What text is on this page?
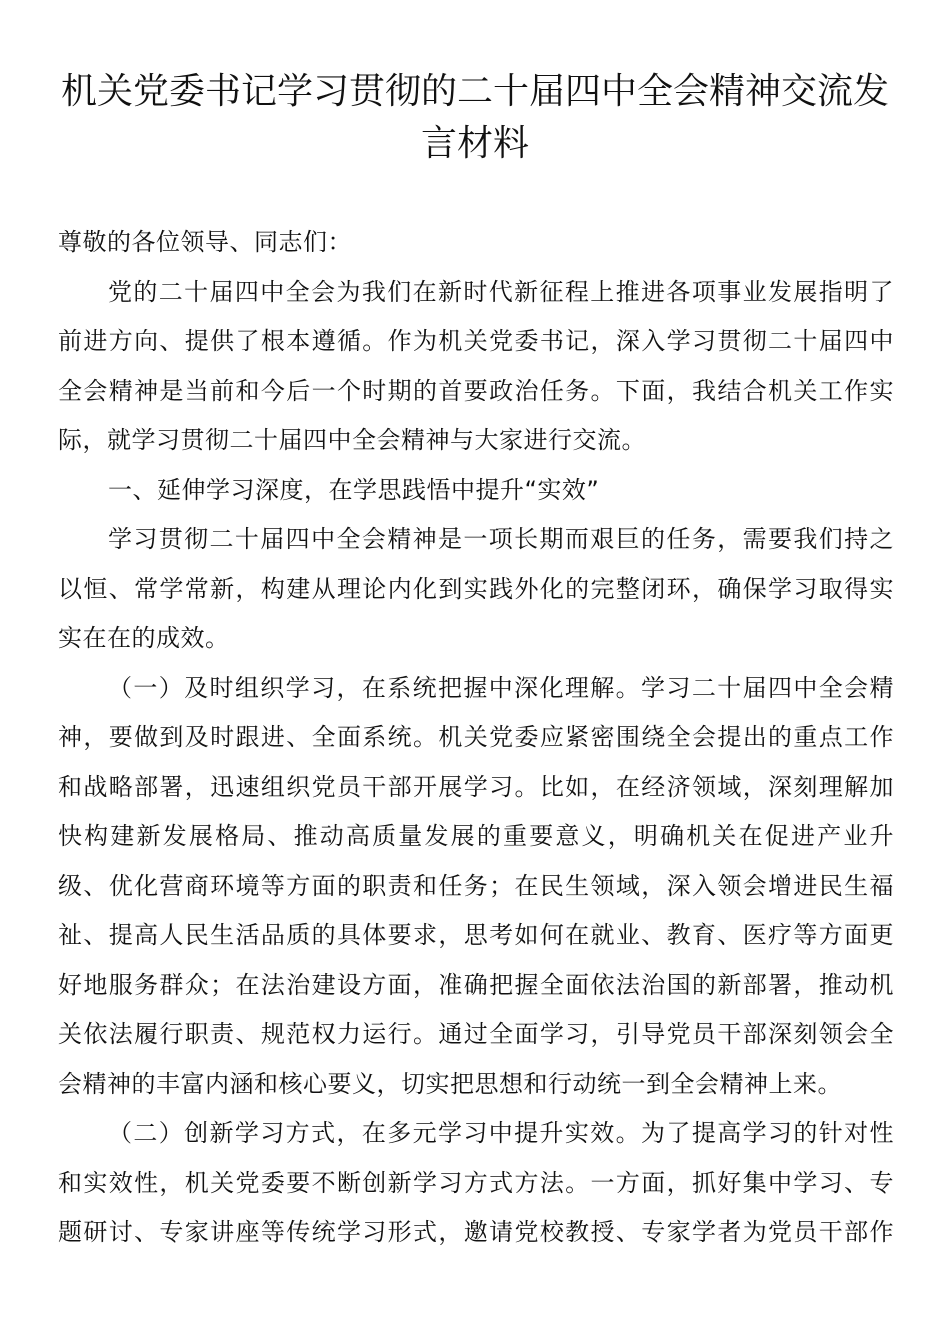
机关党委书记学习贯彻的二十届四中全会精神交流发
言材料
尊敬的各位领导、同志们：
党的二十届四中全会为我们在新时代新征程上推进各项事业发展指明了
前进方向、提供了根本遵循。作为机关党委书记，深入学习贯彻二十届四中
全会精神是当前和今后一个时期的首要政治任务。下面，我结合机关工作实
际，就学习贯彻二十届四中全会精神与大家进行交流。
一、延伸学习深度，在学思践悟中提升“实效”
学习贯彻二十届四中全会精神是一项长期而艰巨的任务，需要我们持之
以恒、常学常新，构建从理论内化到实践外化的完整闭环，确保学习取得实
实在在的成效。
（一）及时组织学习，在系统把握中深化理解。学习二十届四中全会精
神，要做到及时跟进、全面系统。机关党委应紧密围绕全会提出的重点工作
和战略部署，迅速组织党员干部开展学习。比如，在经济领域，深刻理解加
快构建新发展格局、推动高质量发展的重要意义，明确机关在促进产业升
级、优化营商环境等方面的职责和任务；在民生领域，深入领会增进民生福
祉、提高人民生活品质的具体要求，思考如何在就业、教育、医疗等方面更
好地服务群众；在法治建设方面，准确把握全面依法治国的新部署，推动机
关依法履行职责、规范权力运行。通过全面学习，引导党员干部深刻领会全
会精神的丰富内涵和核心要义，切实把思想和行动统一到全会精神上来。
（二）创新学习方式，在多元学习中提升实效。为了提高学习的针对性
和实效性，机关党委要不断创新学习方式方法。一方面，抓好集中学习、专
题研讨、专家讲座等传统学习形式，邀请党校教授、专家学者为党员干部作
